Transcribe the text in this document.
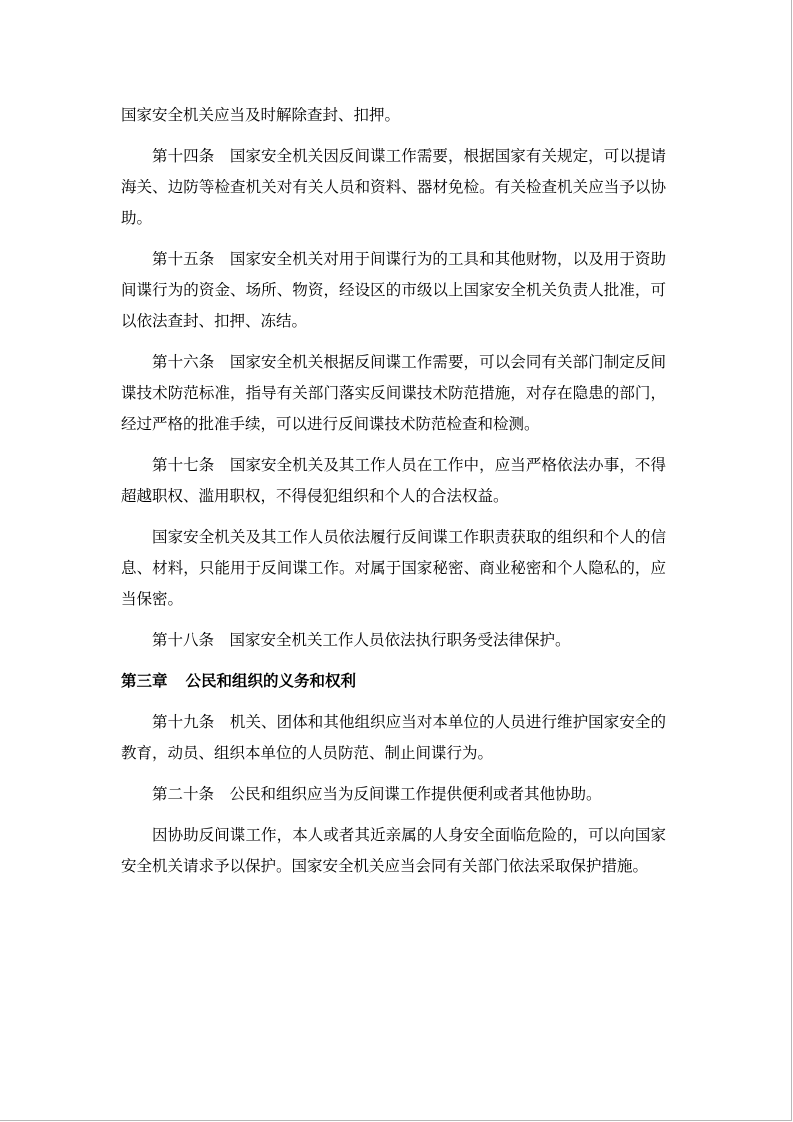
国家安全机关应当及时解除查封、扣押。

第十四条　国家安全机关因反间谍工作需要，根据国家有关规定，可以提请海关、边防等检查机关对有关人员和资料、器材免检。有关检查机关应当予以协助。

第十五条　国家安全机关对用于间谍行为的工具和其他财物，以及用于资助间谍行为的资金、场所、物资，经设区的市级以上国家安全机关负责人批准，可以依法查封、扣押、冻结。

第十六条　国家安全机关根据反间谍工作需要，可以会同有关部门制定反间谍技术防范标准，指导有关部门落实反间谍技术防范措施，对存在隐患的部门，经过严格的批准手续，可以进行反间谍技术防范检查和检测。

第十七条　国家安全机关及其工作人员在工作中，应当严格依法办事，不得超越职权、滥用职权，不得侵犯组织和个人的合法权益。

国家安全机关及其工作人员依法履行反间谍工作职责获取的组织和个人的信息、材料，只能用于反间谍工作。对属于国家秘密、商业秘密和个人隐私的，应当保密。

第十八条　国家安全机关工作人员依法执行职务受法律保护。

第三章 公民和组织的义务和权利

第十九条　机关、团体和其他组织应当对本单位的人员进行维护国家安全的教育，动员、组织本单位的人员防范、制止间谍行为。

第二十条　公民和组织应当为反间谍工作提供便利或者其他协助。

因协助反间谍工作，本人或者其近亲属的人身安全面临危险的，可以向国家安全机关请求予以保护。国家安全机关应当会同有关部门依法采取保护措施。
